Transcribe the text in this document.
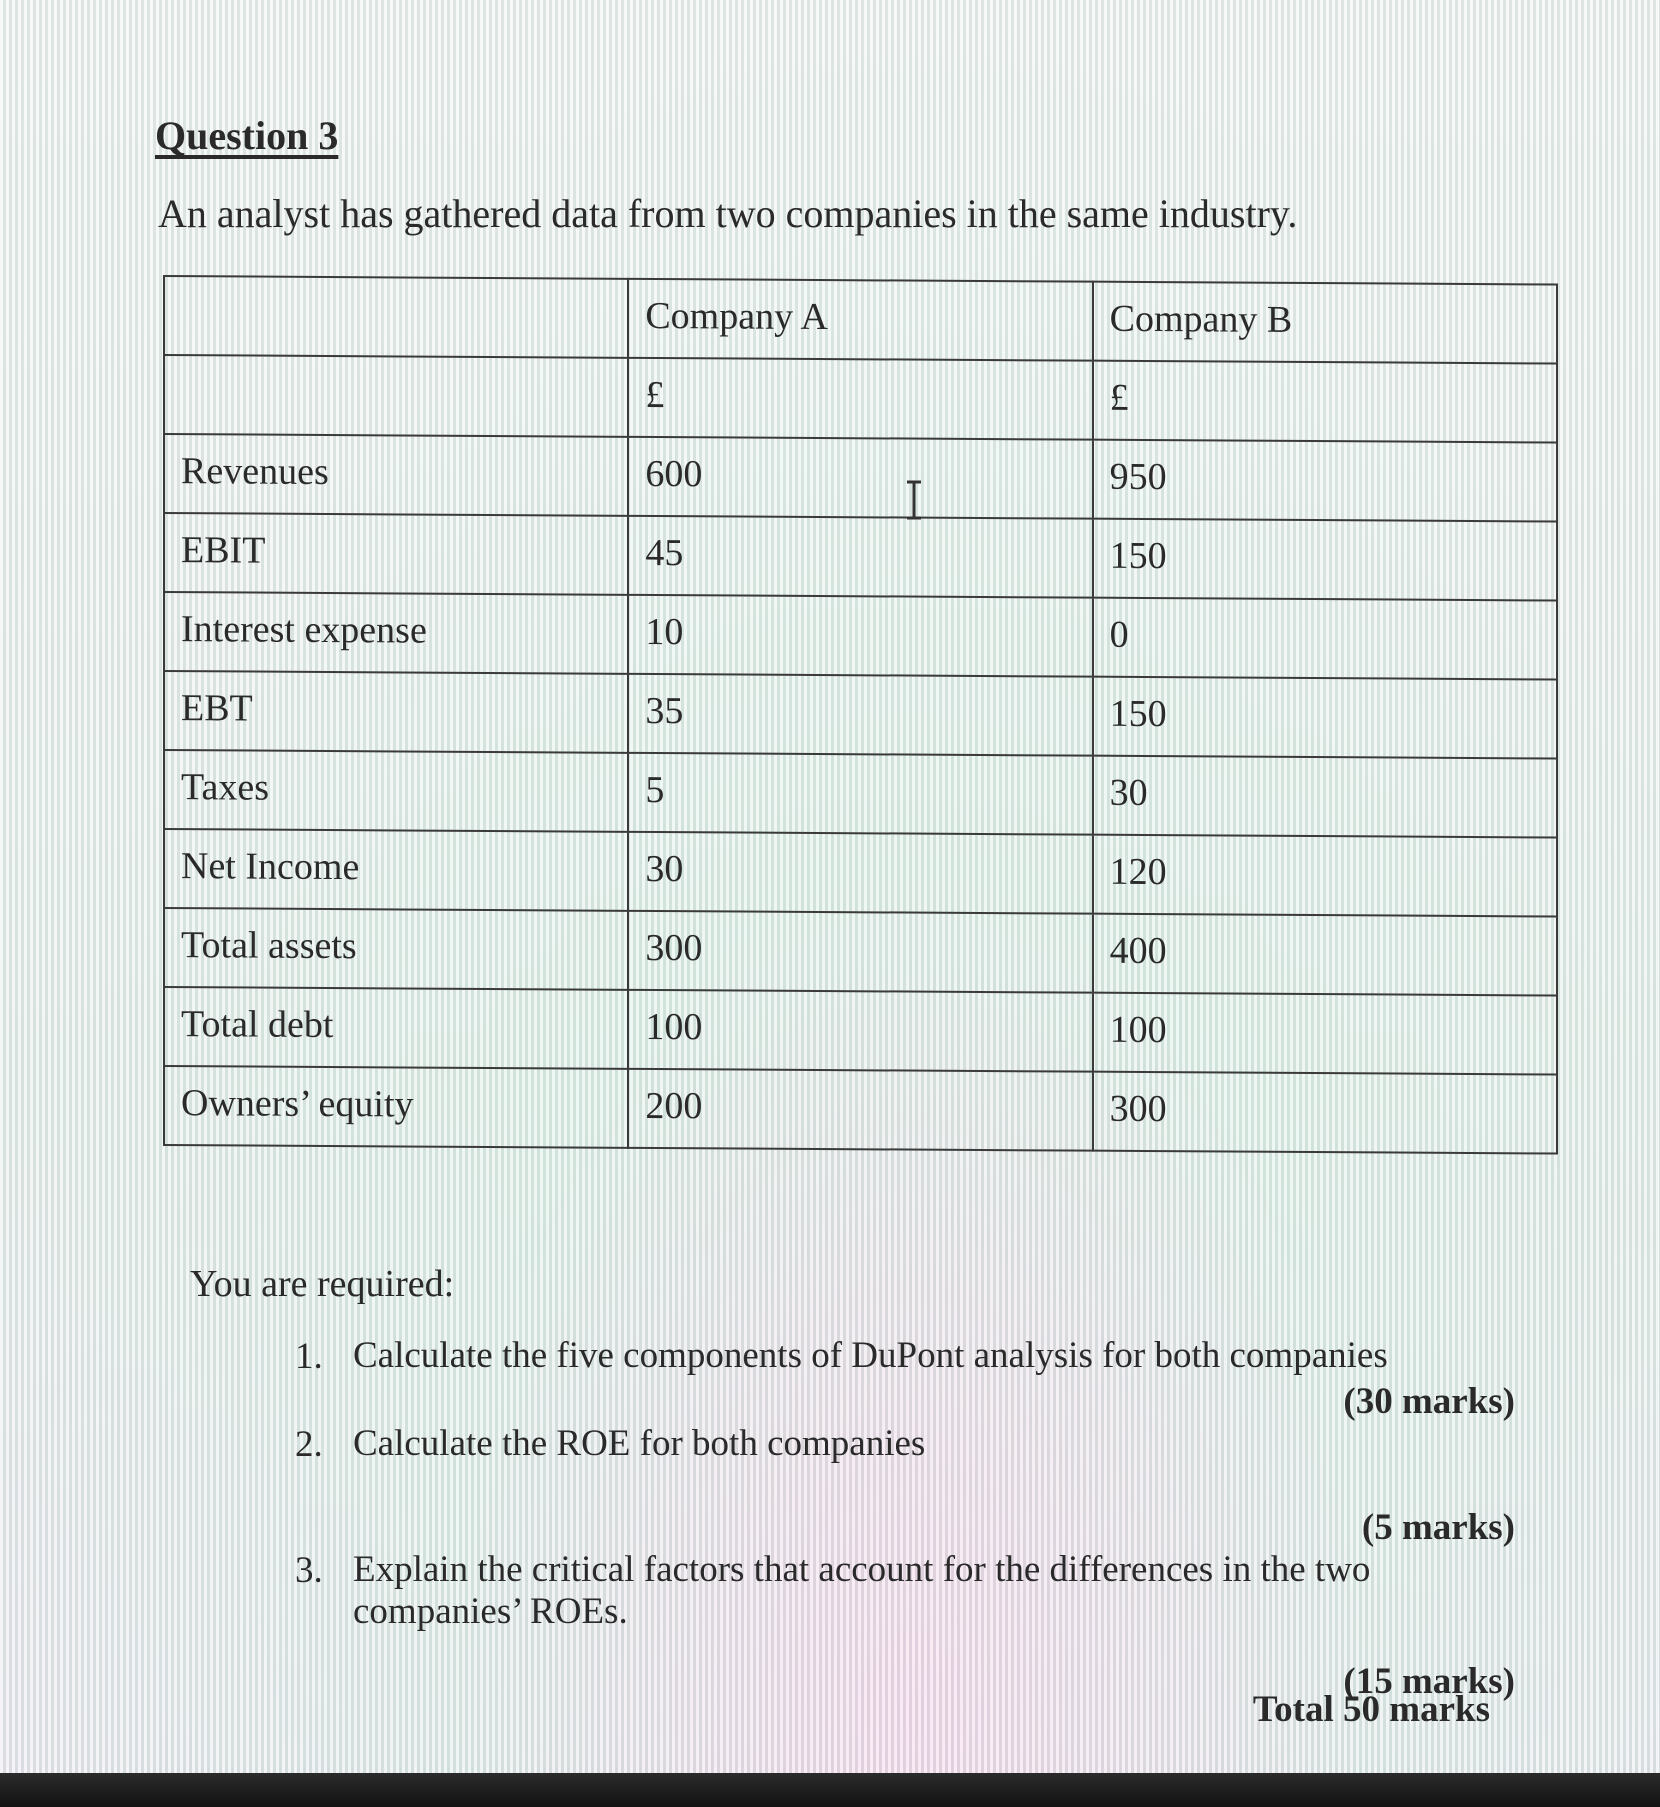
Question 3

An analyst has gathered data from two companies in the same industry.

	Company A	Company B
	£	£
Revenues	600	950
EBIT	45	150
Interest expense	10	0
EBT	35	150
Taxes	5	30
Net Income	30	120
Total assets	300	400
Total debt	100	100
Owners’ equity	200	300

You are required:

1. Calculate the five components of DuPont analysis for both companies
(30 marks)
2. Calculate the ROE for both companies
(5 marks)
3. Explain the critical factors that account for the differences in the two companies’ ROEs.
(15 marks)

Total 50 marks
